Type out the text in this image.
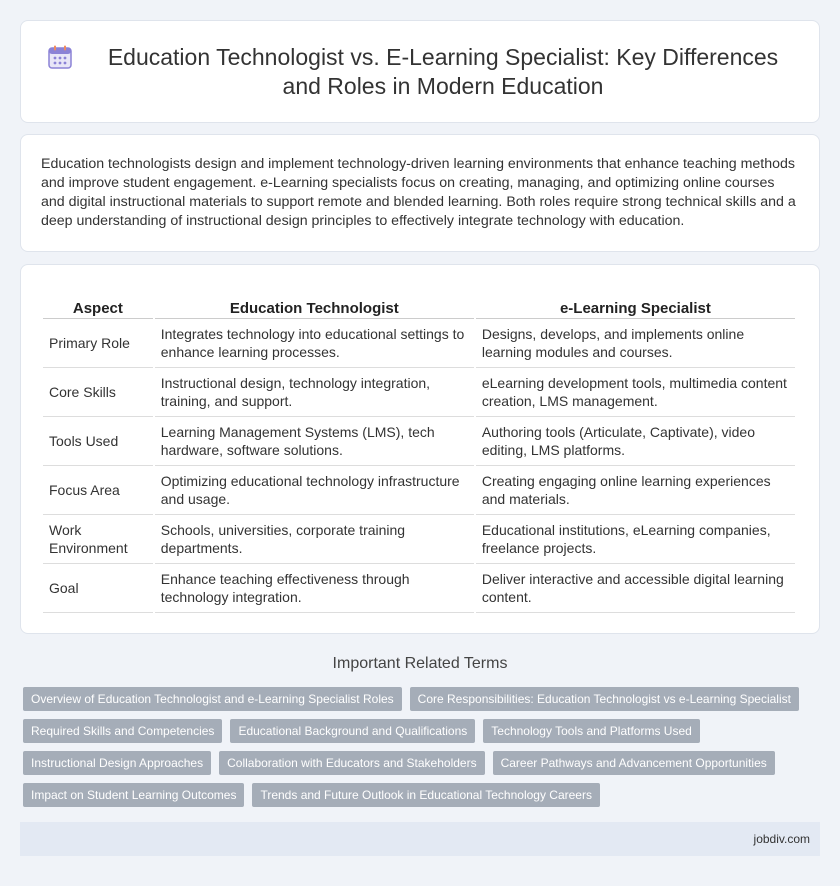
Education Technologist vs. E-Learning Specialist: Key Differences and Roles in Modern Education

Education technologists design and implement technology-driven learning environments that enhance teaching methods and improve student engagement. e-Learning specialists focus on creating, managing, and optimizing online courses and digital instructional materials to support remote and blended learning. Both roles require strong technical skills and a deep understanding of instructional design principles to effectively integrate technology with education.

Aspect	Education Technologist	e-Learning Specialist
Primary Role	Integrates technology into educational settings to enhance learning processes.	Designs, develops, and implements online learning modules and courses.
Core Skills	Instructional design, technology integration, training, and support.	eLearning development tools, multimedia content creation, LMS management.
Tools Used	Learning Management Systems (LMS), tech hardware, software solutions.	Authoring tools (Articulate, Captivate), video editing, LMS platforms.
Focus Area	Optimizing educational technology infrastructure and usage.	Creating engaging online learning experiences and materials.
Work Environment	Schools, universities, corporate training departments.	Educational institutions, eLearning companies, freelance projects.
Goal	Enhance teaching effectiveness through technology integration.	Deliver interactive and accessible digital learning content.
Important Related Terms
Overview of Education Technologist and e-Learning Specialist Roles	Core Responsibilities: Education Technologist vs e-Learning Specialist
Required Skills and Competencies	Educational Background and Qualifications	Technology Tools and Platforms Used
Instructional Design Approaches	Collaboration with Educators and Stakeholders	Career Pathways and Advancement Opportunities
Impact on Student Learning Outcomes	Trends and Future Outlook in Educational Technology Careers
jobdiv.com
